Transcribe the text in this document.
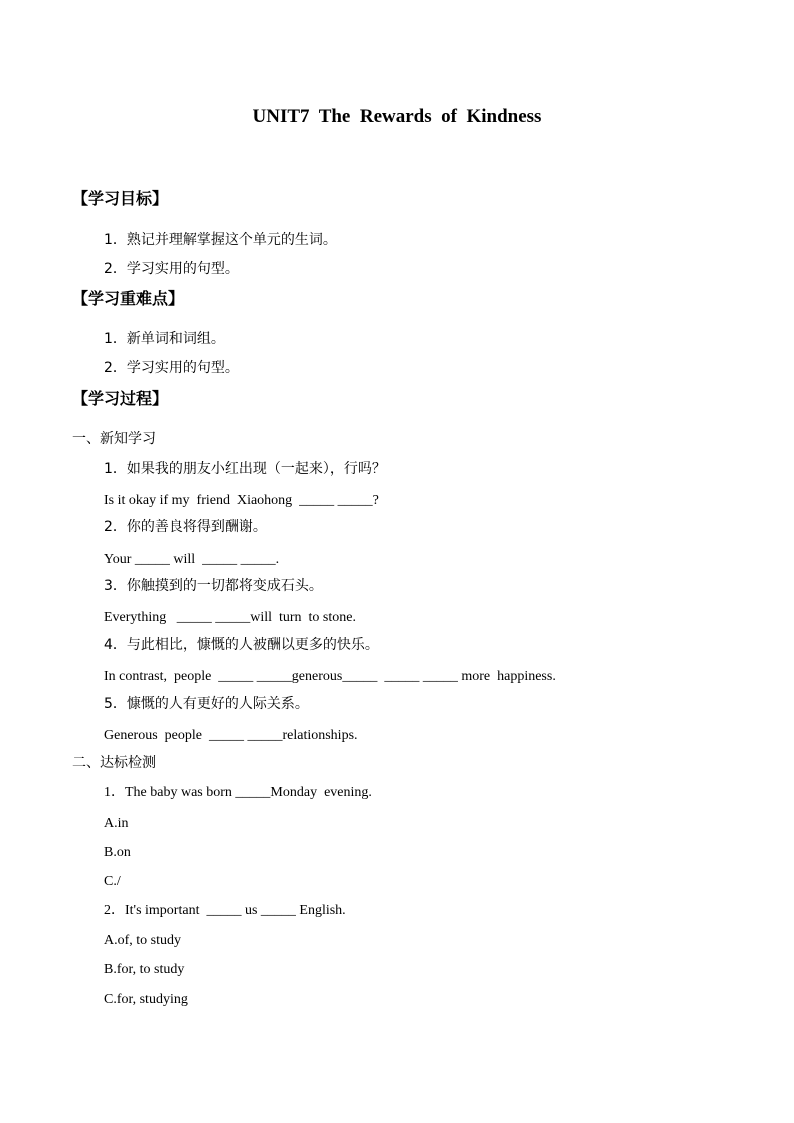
UNIT7  The  Rewards  of  Kindness
【学习目标】
1．熟记并理解掌握这个单元的生词。
2．学习实用的句型。
【学习重难点】
1．新单词和词组。
2．学习实用的句型。
【学习过程】
一、新知学习
1．如果我的朋友小红出现（一起来），行吗？
Is it okay if my  friend  Xiaohong  _____ _____?
2．你的善良将得到酬谢。
Your _____ will  _____ _____.
3．你触摸到的一切都将变成石头。
Everything   _____ _____will  turn  to stone.
4．与此相比，慷慨的人被酬以更多的快乐。
In contrast,  people  _____ _____generous_____  _____ _____ more  happiness.
5．慷慨的人有更好的人际关系。
Generous  people  _____ _____relationships.
二、达标检测
1．The baby was born _____Monday  evening.
A.in
B.on
C./
2．It's important  _____ us _____ English.
A.of, to study
B.for, to study
C.for, studying
